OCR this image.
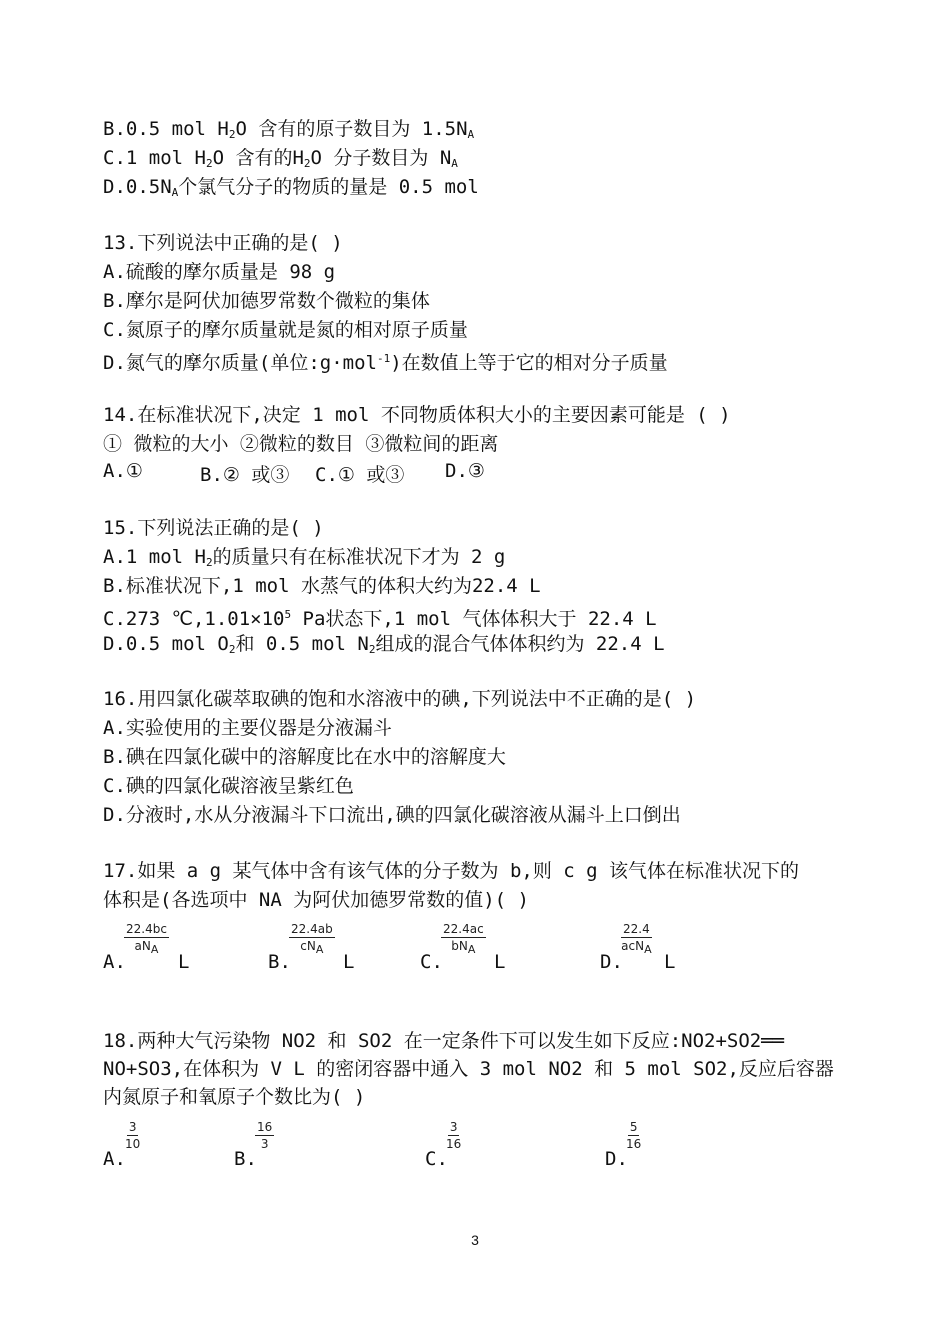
B.0.5 mol $H_2O$ 含有的原子数目为 $1.5N_A$
C.1 mol $H_2O$ 含有的$H_2O$ 分子数目为 $N_A$
$D.0.5N_A$个氯气分子的物质的量是 0.5 mol
13.下列说法中正确的是( )
A.硫酸的摩尔质量是 98 g
B.摩尔是阿伏加德罗常数个微粒的集体
C.氮原子的摩尔质量就是氮的相对原子质量
D.氮气的摩尔质量(单位:g·mol$^{-1}$)在数值上等于它的相对分子质量
14.在标准状况下,决定 1 mol 不同物质体积大小的主要因素可能是 ( )
① 微粒的大小 ②微粒的数目 ③微粒间的距离
A.①	B.② 或③ C.① 或③ D.③
15.下列说法正确的是( )
A.1 mol $H_2$的质量只有在标准状况下才为 2 g
B.标准状况下,1 mol 水蒸气的体积大约为22.4 L
C.273 $℃,1.01\times 10^5$ Pa状态下,1 mol 气体体积大于 22.4 L
D.0.5 mol $O_2$和 0.5 mol $N_2$组成的混合气体体积约为 22.4 L
16.用四氯化碳萃取碘的饱和水溶液中的碘,下列说法中不正确的是( )
A.实验使用的主要仪器是分液漏斗
B.碘在四氯化碳中的溶解度比在水中的溶解度大
C.碘的四氯化碳溶液呈紫红色
D.分液时,水从分液漏斗下口流出,碘的四氯化碳溶液从漏斗上口倒出
17.如果 a g 某气体中含有该气体的分子数为 b,则 c g 该气体在标准状况下的
体积是(各选项中 NA 为阿伏加德罗常数的值)( )
A.
22.4bc
aNA
L	B.
22.4ab
cNA
L	C.
22.4ac
bNA
L	D.
22.4
acNA
L
18.两种大气污染物 NO2 和 SO2 在一定条件下可以发生如下反应:NO2+SO2══
NO+SO3,在体积为 V L 的密闭容器中通入 3 mol NO2 和 5 mol SO2,反应后容器
内氮原子和氧原子个数比为( )
A.
$\frac{3}{10}$
B.
$\frac{16}{3}$
C.
$\frac{3}{16}$
D.
$\frac{5}{16}$
3
